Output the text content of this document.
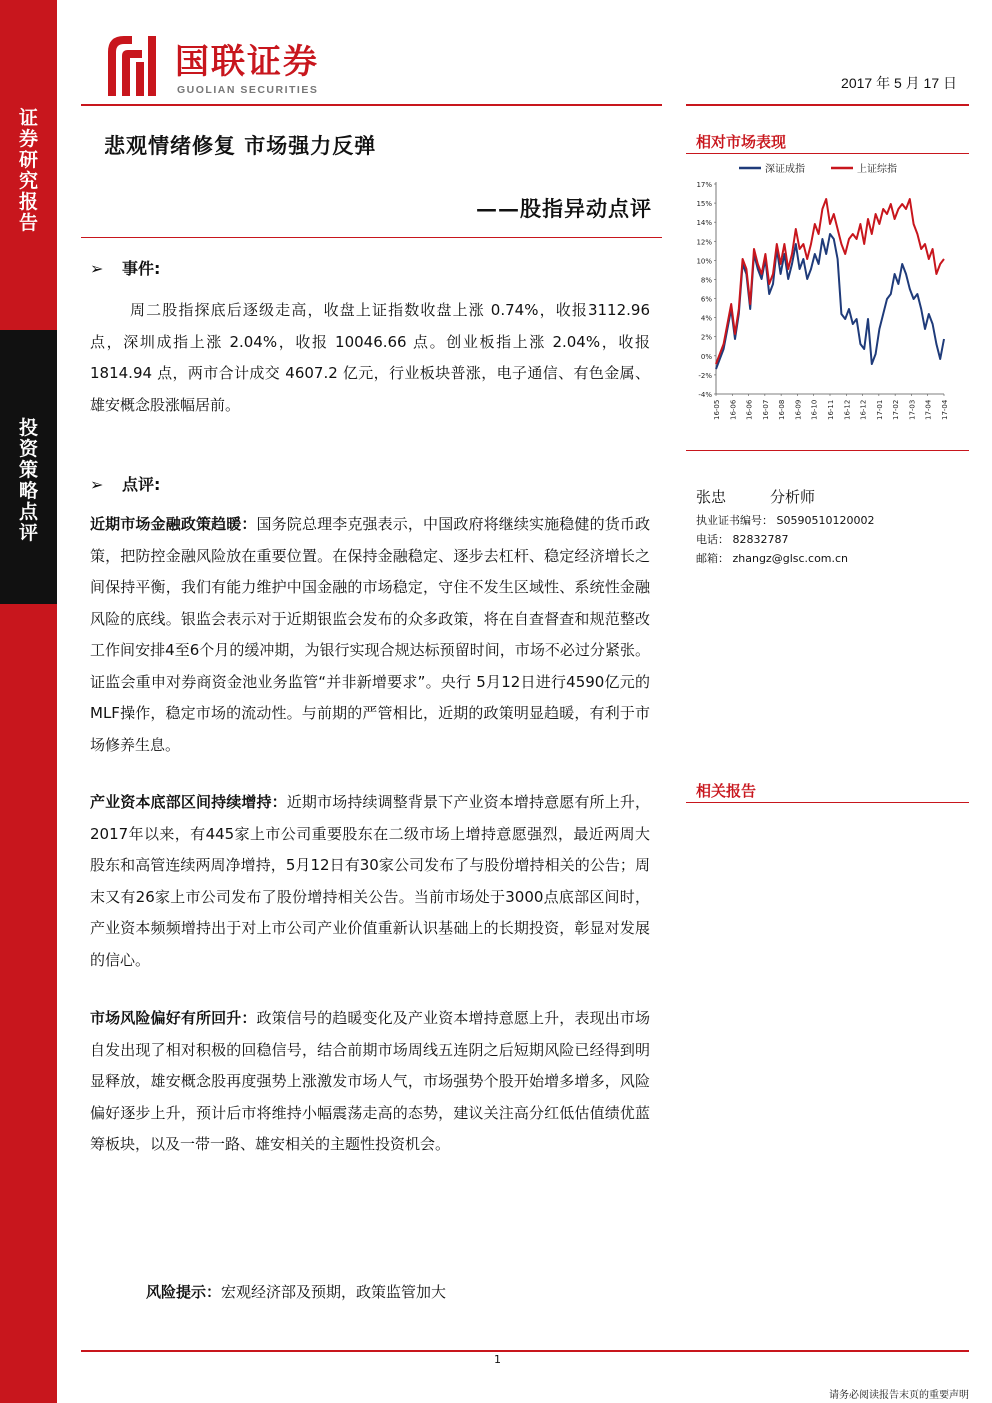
证券研究报告
投资策略点评
国联证券
GUOLIAN SECURITIES	2017 年 5 月 17 日
悲观情绪修复 市场强力反弹
——股指异动点评
➢ 事件:
周二股指探底后逐级走高，收盘上证指数收盘上涨 0.74%，收报3112.96 点，深圳成指上涨 2.04%，收报 10046.66 点。创业板指上涨 2.04%，收报 1814.94 点，两市合计成交 4607.2 亿元，行业板块普涨，电子通信、有色金属、雄安概念股涨幅居前。
➢ 点评:
近期市场金融政策趋暖：国务院总理李克强表示，中国政府将继续实施稳健的货币政策，把防控金融风险放在重要位置。在保持金融稳定、逐步去杠杆、稳定经济增长之间保持平衡，我们有能力维护中国金融的市场稳定，守住不发生区域性、系统性金融风险的底线。银监会表示对于近期银监会发布的众多政策，将在自查督查和规范整改工作间安排4至6个月的缓冲期，为银行实现合规达标预留时间，市场不必过分紧张。证监会重申对券商资金池业务监管“并非新增要求”。央行 5月12日进行4590亿元的MLF操作，稳定市场的流动性。与前期的严管相比，近期的政策明显趋暖，有利于市场修养生息。
产业资本底部区间持续增持：近期市场持续调整背景下产业资本增持意愿有所上升， 2017年以来，有445家上市公司重要股东在二级市场上增持意愿强烈，最近两周大股东和高管连续两周净增持，5月12日有30家公司发布了与股份增持相关的公告；周末又有26家上市公司发布了股份增持相关公告。当前市场处于3000点底部区间时，产业资本频频增持出于对上市公司产业价值重新认识基础上的长期投资，彰显对发展的信心。
市场风险偏好有所回升：政策信号的趋暖变化及产业资本增持意愿上升，表现出市场自发出现了相对积极的回稳信号，结合前期市场周线五连阴之后短期风险已经得到明显释放，雄安概念股再度强势上涨激发市场人气，市场强势个股开始增多增多，风险偏好逐步上升，预计后市将维持小幅震荡走高的态势，建议关注高分红低估值绩优蓝筹板块，以及一带一路、雄安相关的主题性投资机会。
风险提示：宏观经济部及预期，政策监管加大
相对市场表现
深证成指	上证综指
17%
15%
14%
12%
10%
8%
6%
4%
2%
0%
-2%
-4%
16-05 16-06 16-06 16-07 16-08 16-09 16-10 16-11 16-12 16-12 17-01 17-02 17-03 17-04 17-04
张忠	分析师
执业证书编号： S0590510120002
电话： 82832787
邮箱： zhangz@glsc.com.cn
相关报告
1
请务必阅读报告末页的重要声明
